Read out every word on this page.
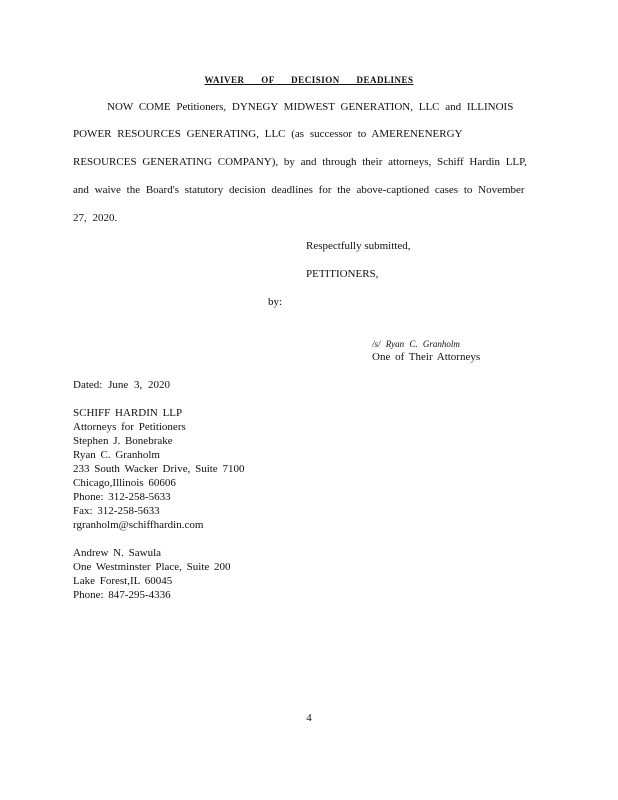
WAIVER OF DECISION DEADLINES
NOW COME Petitioners, DYNEGY MIDWEST GENERATION, LLC and ILLINOIS
POWER RESOURCES GENERATING, LLC (as successor to AMERENENERGY
RESOURCES GENERATING COMPANY), by and through their attorneys, Schiff Hardin LLP,
and waive the Board's statutory decision deadlines for the above-captioned cases to November
27, 2020.
Respectfully submitted,
PETITIONERS,
by:
/s/ Ryan C. Granholm
One of Their Attorneys
Dated: June 3, 2020
SCHIFF HARDIN LLP
Attorneys for Petitioners
Stephen J. Bonebrake
Ryan C. Granholm
233 South Wacker Drive, Suite 7100
Chicago,Illinois 60606
Phone: 312-258-5633
Fax: 312-258-5633
rgranholm@schiffhardin.com
Andrew N. Sawula
One Westminster Place, Suite 200
Lake Forest,IL 60045
Phone: 847-295-4336
4
